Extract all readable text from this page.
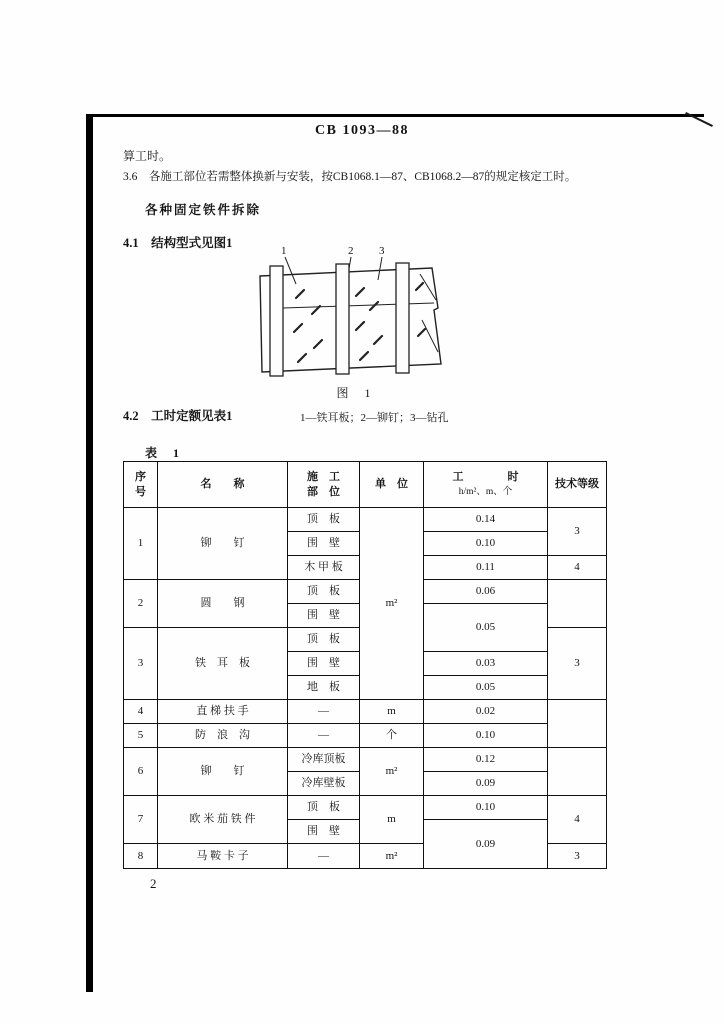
CB 1093—88
算工时。
3.6　各施工部位若需整体换新与安装，按CB1068.1—87、CB1068.2—87的规定核定工时。
各种固定铁件拆除
4.1　结构型式见图1
1	2 3
图　1
4.2　工时定额见表1	1—铁耳板；2—铆钉；3—钻孔
表　1
序
号
名　　称
施　工
部　位
单　位
工　　　　时
h/m²、m、个
技术等级
1
2
3
4
5
6
7
8
铆　　钉
圆　　钢
铁　耳　板
直 梯 扶 手
防　浪　沟
铆　　钉
欧 米 茄 铁 件
马 鞍 卡 子
顶　板
围　壁
木 甲 板
顶　板
围　壁
顶　板
围　壁
地　板
—
—
冷库顶板
冷库壁板
顶　板
围　壁
—
m²
m
个
m²
m
m²
0.14
0.10
0.11
0.06
0.05
0.03
0.05
0.02
0.10
0.12
0.09
0.10
0.09
3
4
3
4
3
2
